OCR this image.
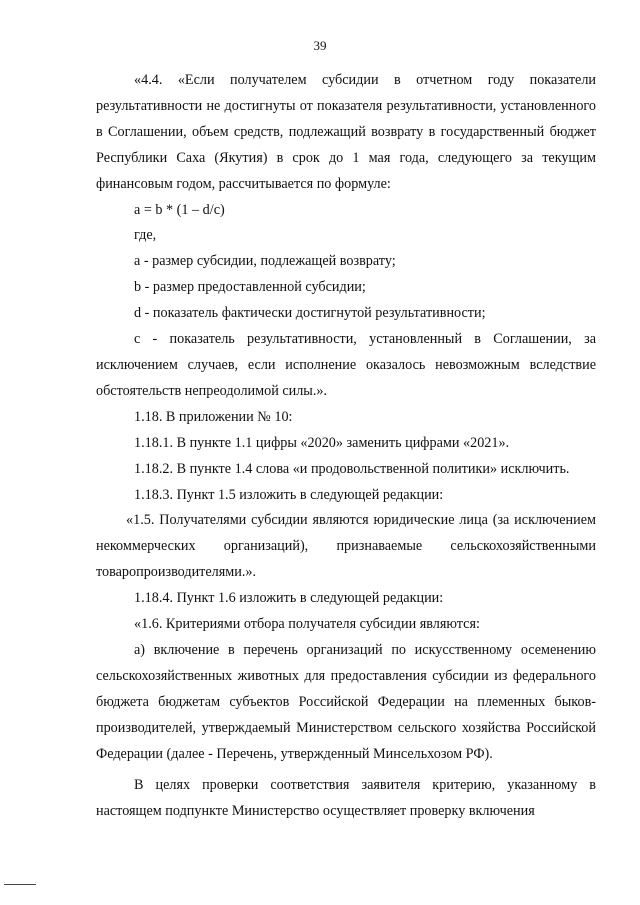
39

«4.4. «Если получателем субсидии в отчетном году показатели результативности не достигнуты от показателя результативности, установленного в Соглашении, объем средств, подлежащий возврату в государственный бюджет Республики Саха (Якутия) в срок до 1 мая года, следующего за текущим финансовым годом, рассчитывается по формуле:

a = b * (1 – d/c)

где,

a - размер субсидии, подлежащей возврату;

b - размер предоставленной субсидии;

d - показатель фактически достигнутой результативности;

c - показатель результативности, установленный в Соглашении, за исключением случаев, если исполнение оказалось невозможным вследствие обстоятельств непреодолимой силы.».

1.18. В приложении № 10:

1.18.1. В пункте 1.1 цифры «2020» заменить цифрами «2021».

1.18.2. В пункте 1.4 слова «и продовольственной политики» исключить.

1.18.3. Пункт 1.5 изложить в следующей редакции:

«1.5. Получателями субсидии являются юридические лица (за исключением некоммерческих организаций), признаваемые сельскохозяйственными товаропроизводителями.».

1.18.4. Пункт 1.6 изложить в следующей редакции:

«1.6. Критериями отбора получателя субсидии являются:

а) включение в перечень организаций по искусственному осеменению сельскохозяйственных животных для предоставления субсидии из федерального бюджета бюджетам субъектов Российской Федерации на племенных быков-производителей, утверждаемый Министерством сельского хозяйства Российской Федерации (далее - Перечень, утвержденный Минсельхозом РФ).

В целях проверки соответствия заявителя критерию, указанному в настоящем подпункте Министерство осуществляет проверку включения
